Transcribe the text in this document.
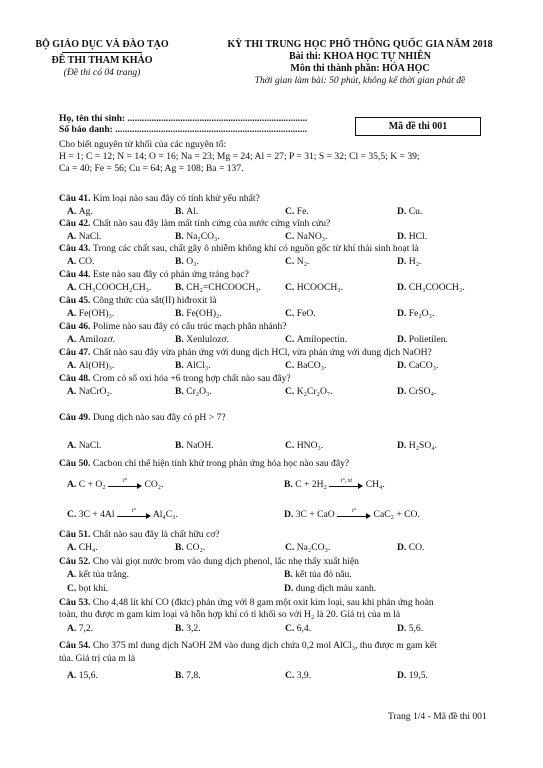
BỘ GIÁO DỤC VÀ ĐÀO TẠO
ĐỀ THI THAM KHẢO
(Đề thi có 04 trang)
KỲ THI TRUNG HỌC PHỔ THÔNG QUỐC GIA NĂM 2018
Bài thi: KHOA HỌC TỰ NHIÊN
Môn thi thành phần: HÓA HỌC
Thời gian làm bài: 50 phút, không kể thời gian phát đề
Họ, tên thí sinh: ...........................................................................
Số báo danh: ................................................................................	Mã đề thi 001
Cho biết nguyên tử khối của các nguyên tố:
H = 1; C = 12; N = 14; O = 16; Na = 23; Mg = 24; Al = 27; P = 31; S = 32; Cl = 35,5; K = 39;
Ca = 40; Fe = 56; Cu = 64; Ag = 108; Ba = 137.
Câu 41. Kim loại nào sau đây có tính khử yếu nhất?
A. Ag.	B. Al.	C. Fe.	D. Cu.
Câu 42. Chất nào sau đây làm mất tính cứng của nước cứng vĩnh cửu?
A. NaCl.	B. Na₂CO₃.	C. NaNO₃.	D. HCl.
Câu 43. Trong các chất sau, chất gây ô nhiễm không khí có nguồn gốc từ khí thải sinh hoạt là
A. CO.	B. O₃.	C. N₂.	D. H₂.
Câu 44. Este nào sau đây có phản ứng tráng bạc?
A. CH₃COOCH₂CH₃. B. CH₂=CHCOOCH₃.	C. HCOOCH₃.	D. CH₃COOCH₃.
Câu 45. Công thức của sắt(II) hiđroxit là
A. Fe(OH)₃.	B. Fe(OH)₂.	C. FeO.	D. Fe₂O₃.
Câu 46. Polime nào sau đây có cấu trúc mạch phân nhánh?
A. Amilozơ.	B. Xenlulozơ.	C. Amilopectin.	D. Polietilen.
Câu 47. Chất nào sau đây vừa phản ứng với dung dịch HCl, vừa phản ứng với dung dịch NaOH?
A. Al(OH)₃.	B. AlCl₃.	C. BaCO₃.	D. CaCO₃.
Câu 48. Crom có số oxi hóa +6 trong hợp chất nào sau đây?
A. NaCrO₂.	B. Cr₂O₃.	C. K₂Cr₂O₇.	D. CrSO₄.
Câu 49. Dung dịch nào sau đây có pH > 7?
A. NaCl.	B. NaOH.	C. HNO₃.	D. H₂SO₄.
Câu 50. Cacbon chỉ thể hiện tính khử trong phản ứng hóa học nào sau đây?
A. C + O₂	t°	CO₂.	B. C + 2H₂	t°, xt	CH₄.
C. 3C + 4Al	t°	Al₄C₃.	D. 3C + CaO	t°	CaC₂ + CO.
Câu 51. Chất nào sau đây là chất hữu cơ?
A. CH₄.	B. CO₂.	C. Na₂CO₃.	D. CO.
Câu 52. Cho vài giọt nước brom vào dung dịch phenol, lắc nhẹ thấy xuất hiện
A. kết tủa trắng.	B. kết tủa đỏ nâu.
C. bọt khí.	D. dung dịch màu xanh.
Câu 53. Cho 4,48 lít khí CO (đktc) phản ứng với 8 gam một oxit kim loại, sau khi phản ứng hoàn
toàn, thu được m gam kim loại và hỗn hợp khí có tỉ khối so với H₂ là 20. Giá trị của m là
A. 7,2.	B. 3,2.	C. 6,4.	D. 5,6.
Câu 54. Cho 375 ml dung dịch NaOH 2M vào dung dịch chứa 0,2 mol AlCl₃, thu được m gam kết
tủa. Giá trị của m là
A. 15,6.	B. 7,8.	C. 3,9.	D. 19,5.
Trang 1/4 - Mã đề thi 001
